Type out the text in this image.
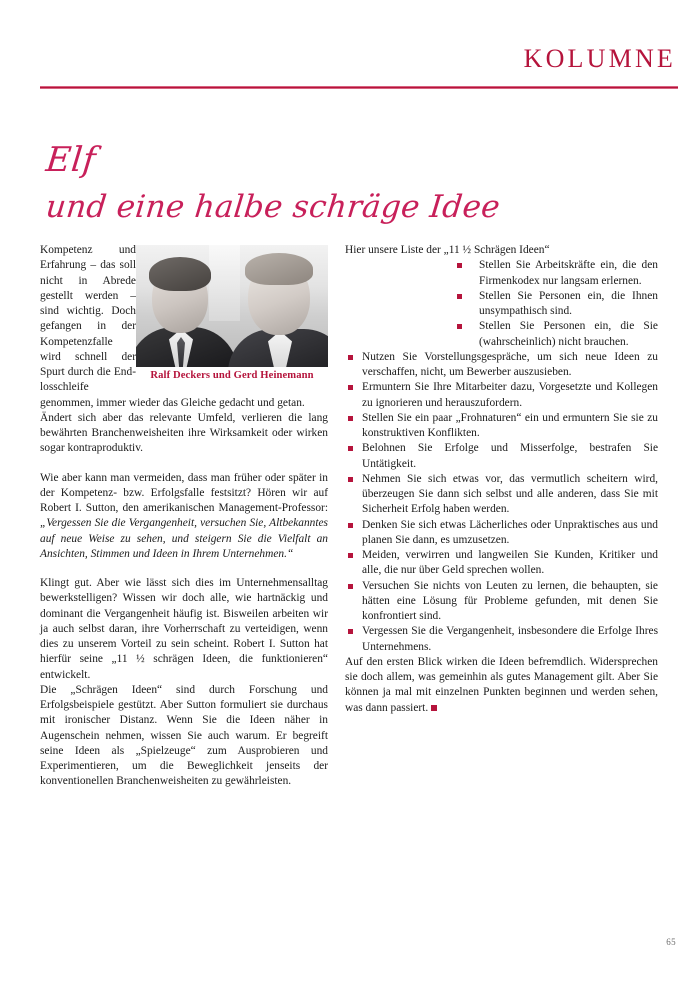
KOLUMNE
Elf
und eine halbe schräge Idee
Ralf Deckers und Gerd Heinemann

Kompetenz und Erfahrung – das soll nicht in Abrede gestellt werden – sind wichtig. Doch gefangen in der Kompetenzfalle wird schnell der Spurt durch die Endlosschleife genommen, immer wieder das Gleiche gedacht und getan.

Ändert sich aber das relevante Umfeld, verlieren die lang bewährten Branchenweisheiten ihre Wirksamkeit oder wirken sogar kontraproduktiv.

Wie aber kann man vermeiden, dass man früher oder später in der Kompetenz- bzw. Erfolgsfalle festsitzt? Hören wir auf Robert I. Sutton, den amerikanischen Management-Professor: „Vergessen Sie die Vergangenheit, versuchen Sie, Altbekanntes auf neue Weise zu sehen, und steigern Sie die Vielfalt an Ansichten, Stimmen und Ideen in Ihrem Unternehmen.“

Klingt gut. Aber wie lässt sich dies im Unternehmensalltag bewerkstelligen? Wissen wir doch alle, wie hartnäckig und dominant die Vergangenheit häufig ist. Bisweilen arbeiten wir ja auch selbst daran, ihre Vorherrschaft zu verteidigen, wenn dies zu unserem Vorteil zu sein scheint. Robert I. Sutton hat hierfür seine „11 ½ schrägen Ideen, die funktionieren“ entwickelt.

Die „Schrägen Ideen“ sind durch Forschung und Erfolgsbeispiele gestützt. Aber Sutton formuliert sie durchaus mit ironischer Distanz. Wenn Sie die Ideen näher in Augenschein nehmen, wissen Sie auch warum. Er begreift seine Ideen als „Spielzeuge“ zum Ausprobieren und Experimentieren, um die Beweglichkeit jenseits der konventionellen Branchenweisheiten zu gewährleisten.

Hier unsere Liste der „11 ½ Schrägen Ideen“

Stellen Sie Arbeitskräfte ein, die den Firmenkodex nur langsam erlernen.
Stellen Sie Personen ein, die Ihnen unsympathisch sind.
Stellen Sie Personen ein, die Sie (wahrscheinlich) nicht brauchen.
Nutzen Sie Vorstellungsgespräche, um sich neue Ideen zu verschaffen, nicht, um Bewerber auszusieben.
Ermuntern Sie Ihre Mitarbeiter dazu, Vorgesetzte und Kollegen zu ignorieren und herauszufordern.
Stellen Sie ein paar „Frohnaturen“ ein und ermuntern Sie sie zu konstruktiven Konflikten.
Belohnen Sie Erfolge und Misserfolge, bestrafen Sie Untätigkeit.
Nehmen Sie sich etwas vor, das vermutlich scheitern wird, überzeugen Sie dann sich selbst und alle anderen, dass Sie mit Sicherheit Erfolg haben werden.
Denken Sie sich etwas Lächerliches oder Unpraktisches aus und planen Sie dann, es umzusetzen.
Meiden, verwirren und langweilen Sie Kunden, Kritiker und alle, die nur über Geld sprechen wollen.
Versuchen Sie nichts von Leuten zu lernen, die behaupten, sie hätten eine Lösung für Probleme gefunden, mit denen Sie konfrontiert sind.
Vergessen Sie die Vergangenheit, insbesondere die Erfolge Ihres Unternehmens.

Auf den ersten Blick wirken die Ideen befremdlich. Widersprechen sie doch allem, was gemeinhin als gutes Management gilt. Aber Sie können ja mal mit einzelnen Punkten beginnen und werden sehen, was dann passiert.

65
